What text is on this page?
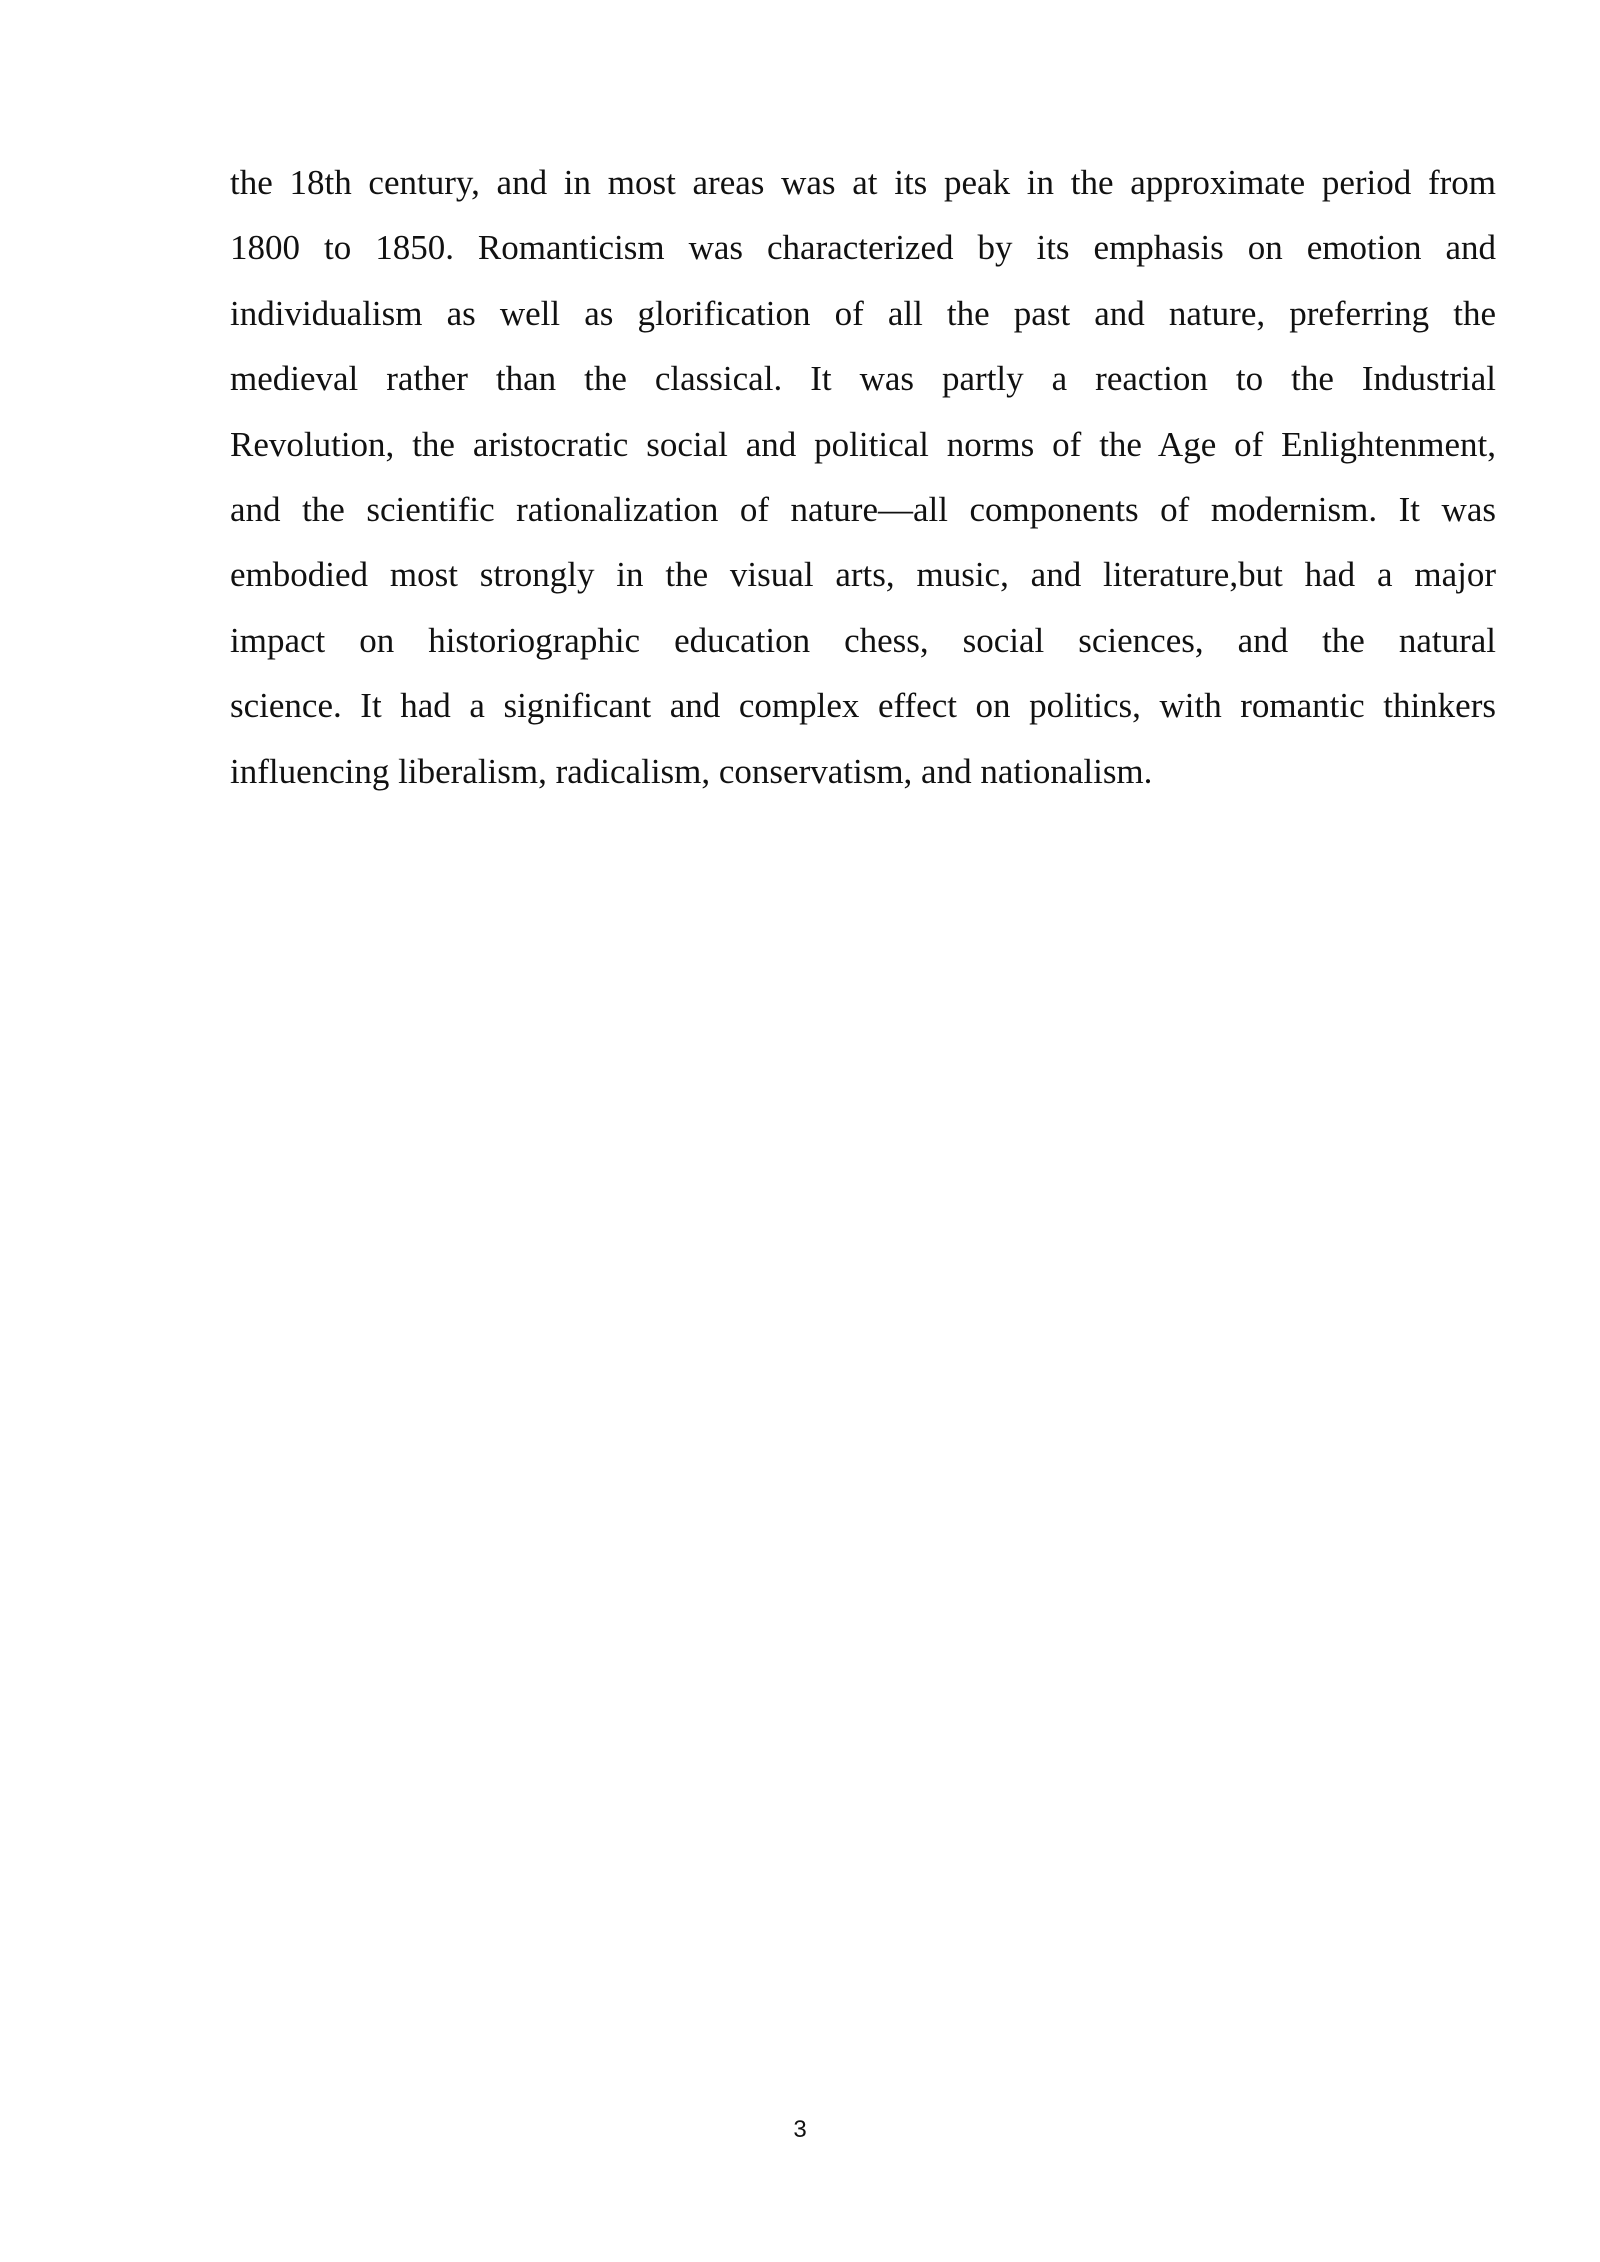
the 18th century, and in most areas was at its peak in the approximate period from
1800 to 1850. Romanticism was characterized by its emphasis on emotion and
individualism as well as glorification of all the past and nature, preferring the
medieval rather than the classical. It was partly a reaction to the Industrial
Revolution, the aristocratic social and political norms of the Age of Enlightenment,
and the scientific rationalization of nature—all components of modernism. It was
embodied most strongly in the visual arts, music, and literature,but had a major
impact on historiographic education chess, social sciences, and the natural
science. It had a significant and complex effect on politics, with romantic thinkers
influencing liberalism, radicalism, conservatism, and nationalism.

3
